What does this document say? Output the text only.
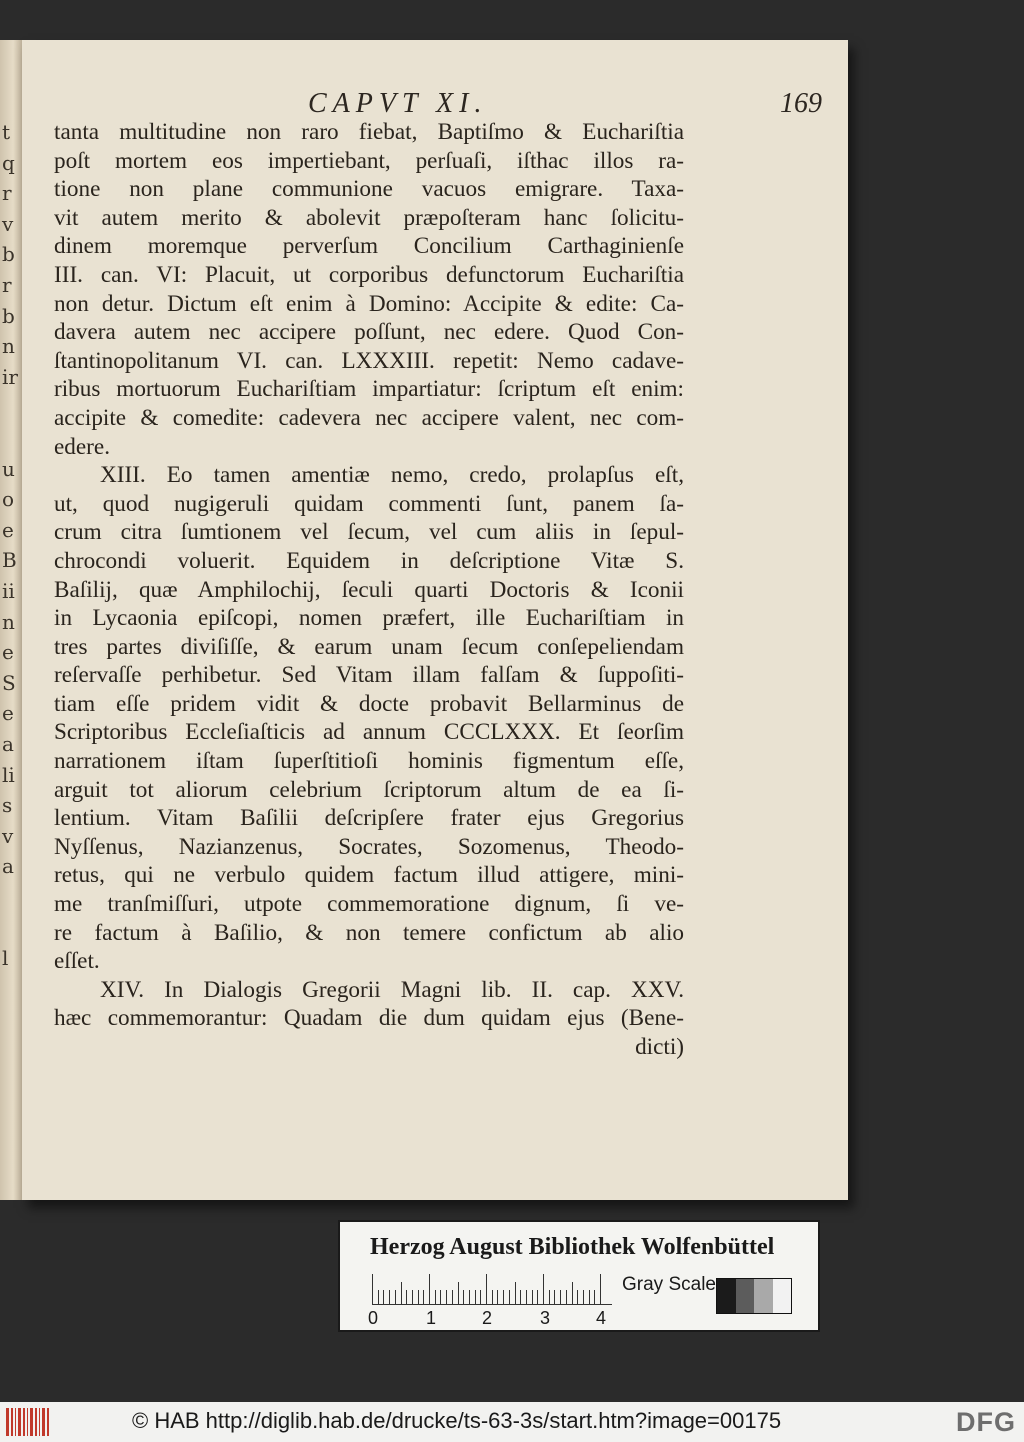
t
q
r
v
b
r
b
n
ir
u
o
e
B
ii
n
e
S
e
a
li
s
v
a
l
CAPVT XI.	169
tanta multitudine non raro fiebat, Baptiſmo & Euchariſtia
poſt mortem eos impertiebant, perſuaſi, iſthac illos ra-
tione non plane communione vacuos emigrare. Taxa-
vit autem merito & abolevit præpoſteram hanc ſolicitu-
dinem moremque perverſum Concilium Carthaginienſe
III. can. VI: Placuit, ut corporibus defunctorum Euchariſtia
non detur. Dictum eſt enim à Domino: Accipite & edite: Ca-
davera autem nec accipere poſſunt, nec edere. Quod Con-
ſtantinopolitanum VI. can. LXXXIII. repetit: Nemo cadave-
ribus mortuorum Euchariſtiam impartiatur: ſcriptum eſt enim:
accipite & comedite: cadevera nec accipere valent, nec com-
edere.
XIII. Eo tamen amentiæ nemo, credo, prolapſus eſt,
ut, quod nugigeruli quidam commenti ſunt, panem ſa-
crum citra ſumtionem vel ſecum, vel cum aliis in ſepul-
chrocondi voluerit. Equidem in deſcriptione Vitæ S.
Baſilij, quæ Amphilochij, ſeculi quarti Doctoris & Iconii
in Lycaonia epiſcopi, nomen præfert, ille Euchariſtiam in
tres partes diviſiſſe, & earum unam ſecum conſepeliendam
reſervaſſe perhibetur. Sed Vitam illam falſam & ſuppoſiti-
tiam eſſe pridem vidit & docte probavit Bellarminus de
Scriptoribus Eccleſiaſticis ad annum CCCLXXX. Et ſeorſim
narrationem iſtam ſuperſtitioſi hominis figmentum eſſe,
arguit tot aliorum celebrium ſcriptorum altum de ea ſi-
lentium. Vitam Baſilii deſcripſere frater ejus Gregorius
Nyſſenus, Nazianzenus, Socrates, Sozomenus, Theodo-
retus, qui ne verbulo quidem factum illud attigere, mini-
me tranſmiſſuri, utpote commemoratione dignum, ſi ve-
re factum à Baſilio, & non temere confictum ab alio
eſſet.
XIV. In Dialogis Gregorii Magni lib. II. cap. XXV.
hæc commemorantur: Quadam die dum quidam ejus (Bene-
dicti)
Herzog August Bibliothek Wolfenbüttel
Gray Scale
0	1	2	3	4
© HAB http://diglib.hab.de/drucke/ts-63-3s/start.htm?image=00175	DFG
